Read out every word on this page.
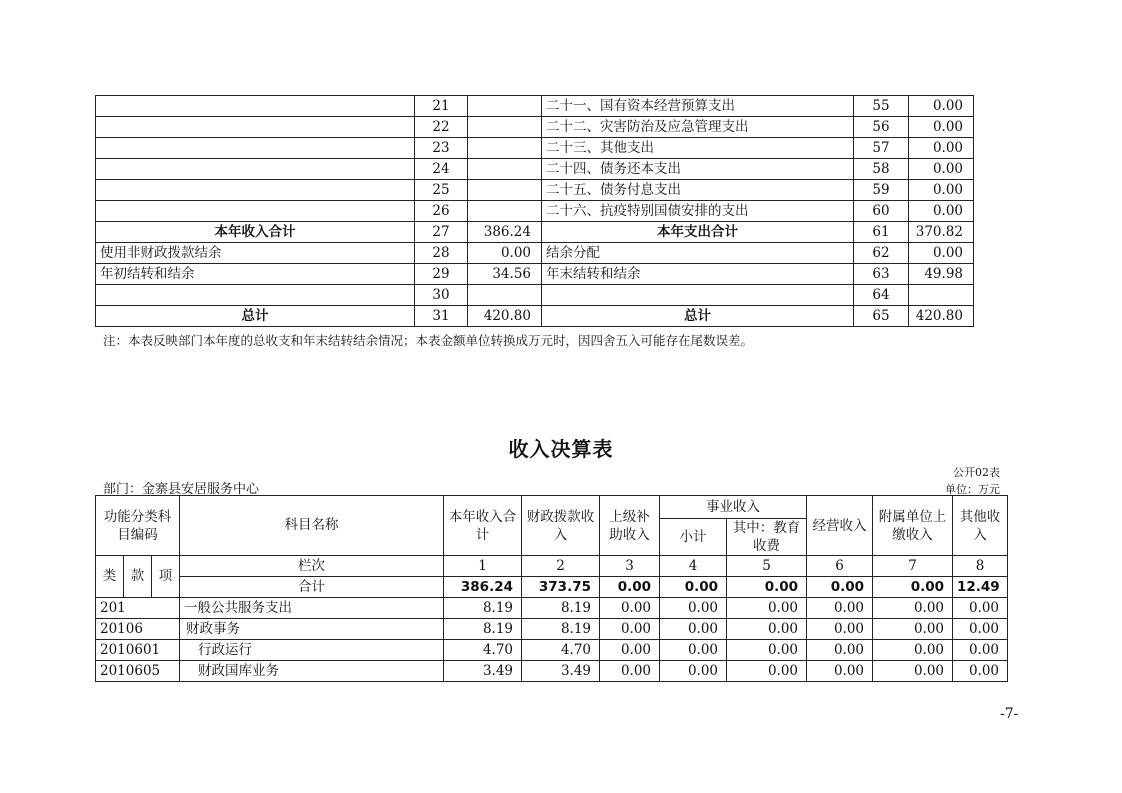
	21		二十一、国有资本经营预算支出	55	0.00
	22		二十二、灾害防治及应急管理支出	56	0.00
	23		二十三、其他支出	57	0.00
	24		二十四、债务还本支出	58	0.00
	25		二十五、债务付息支出	59	0.00
	26		二十六、抗疫特别国债安排的支出	60	0.00
本年收入合计	27	386.24	本年支出合计	61	370.82
使用非财政拨款结余	28	0.00	结余分配	62	0.00
年初结转和结余	29	34.56	年末结转和结余	63	49.98
	30			64	
总计	31	420.80	总计	65	420.80
注：本表反映部门本年度的总收支和年末结转结余情况；本表金额单位转换成万元时，因四舍五入可能存在尾数误差。
收入决算表
公开02表
部门：金寨县安居服务中心	单位：万元
功能分类科目编码			科目名称	本年收入合计	财政拨款收入	上级补助收入	事业收入		经营收入	附属单位上缴收入	其他收入
							小计	其中：教育收费			
类	款	项	栏次	1	2	3	4	5	6	7	8
			合计	386.24	373.75	0.00	0.00	0.00	0.00	0.00	12.49
201			一般公共服务支出	8.19	8.19	0.00	0.00	0.00	0.00	0.00	0.00
20106			财政事务	8.19	8.19	0.00	0.00	0.00	0.00	0.00	0.00
2010601			行政运行	4.70	4.70	0.00	0.00	0.00	0.00	0.00	0.00
2010605			财政国库业务	3.49	3.49	0.00	0.00	0.00	0.00	0.00	0.00
-7-
